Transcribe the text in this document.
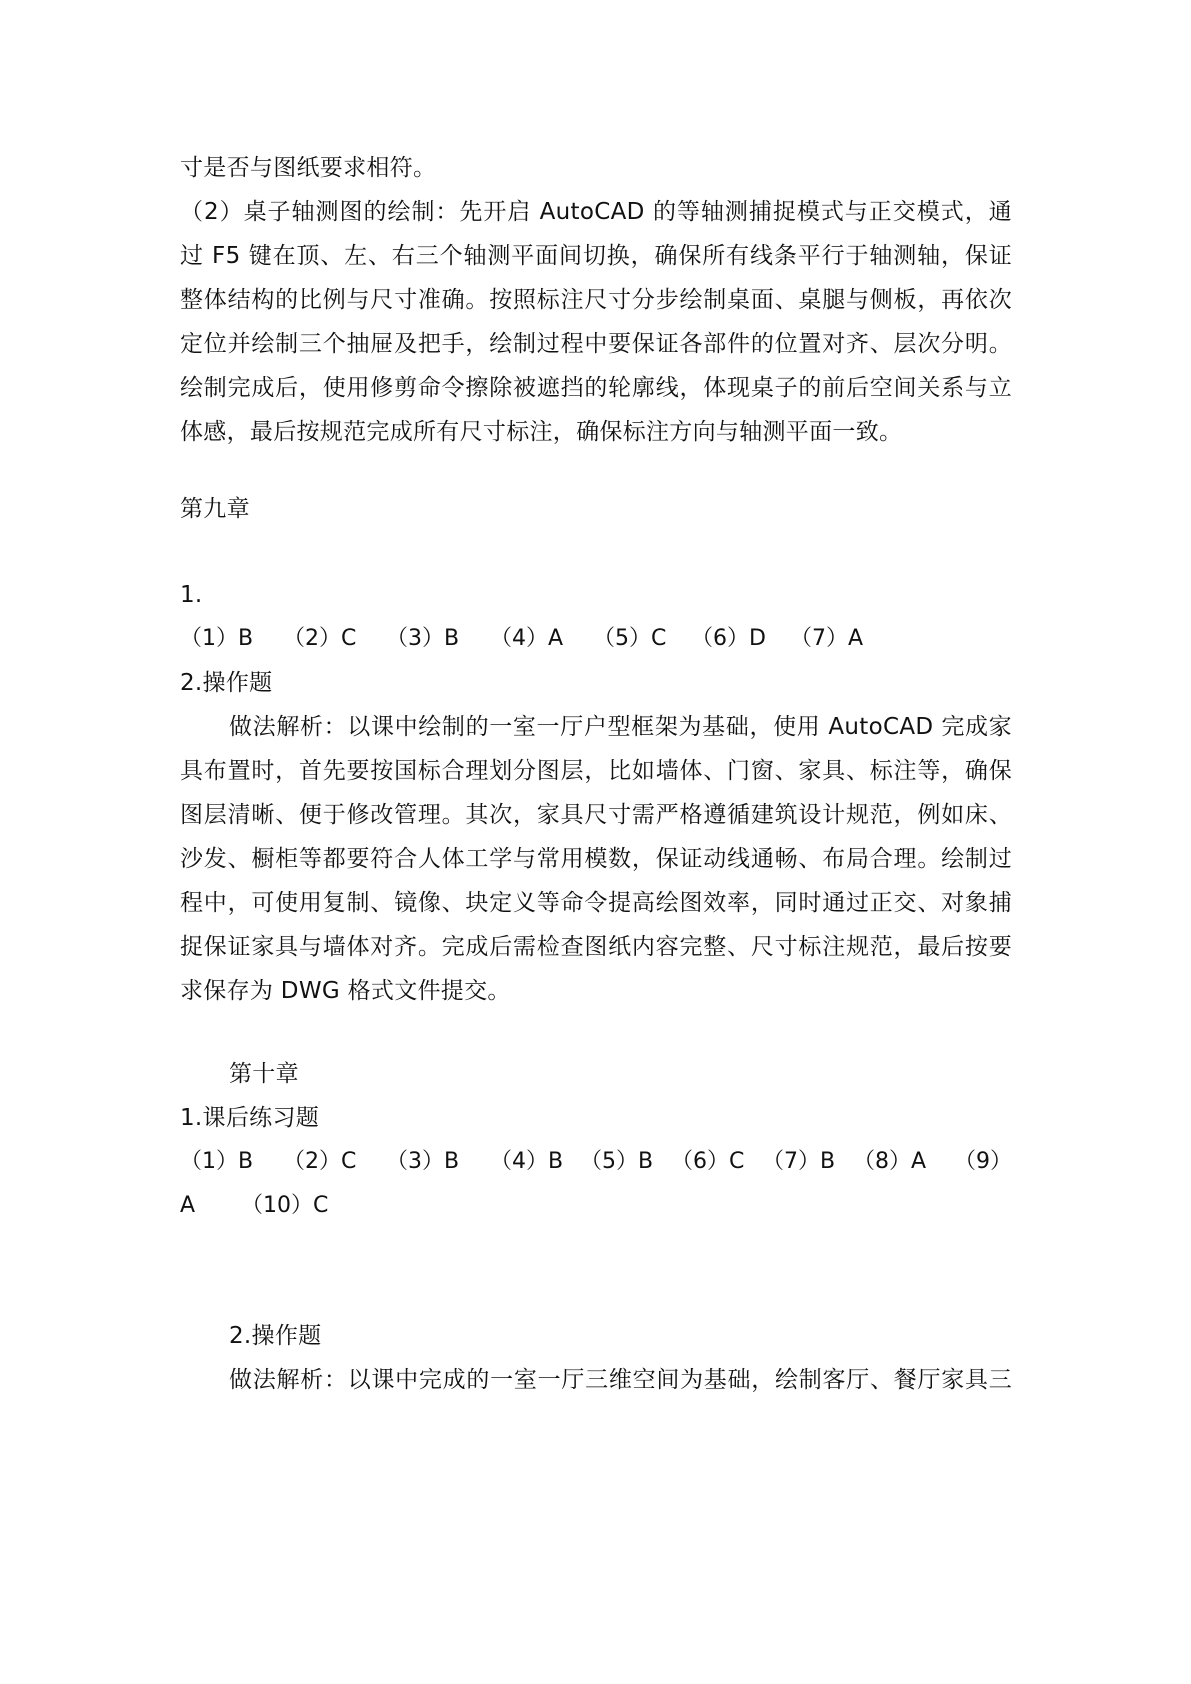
寸是否与图纸要求相符。
（2）桌子轴测图的绘制：先开启 AutoCAD 的等轴测捕捉模式与正交模式，通
过 F5 键在顶、左、右三个轴测平面间切换，确保所有线条平行于轴测轴，保证
整体结构的比例与尺寸准确。按照标注尺寸分步绘制桌面、桌腿与侧板，再依次
定位并绘制三个抽屉及把手，绘制过程中要保证各部件的位置对齐、层次分明。
绘制完成后，使用修剪命令擦除被遮挡的轮廓线，体现桌子的前后空间关系与立
体感，最后按规范完成所有尺寸标注，确保标注方向与轴测平面一致。
第九章
1.
（1）B （2）C （3）B （4）A （5）C （6）D （7）A
2.操作题
做法解析：以课中绘制的一室一厅户型框架为基础，使用 AutoCAD 完成家
具布置时，首先要按国标合理划分图层，比如墙体、门窗、家具、标注等，确保
图层清晰、便于修改管理。其次，家具尺寸需严格遵循建筑设计规范，例如床、
沙发、橱柜等都要符合人体工学与常用模数，保证动线通畅、布局合理。绘制过
程中，可使用复制、镜像、块定义等命令提高绘图效率，同时通过正交、对象捕
捉保证家具与墙体对齐。完成后需检查图纸内容完整、尺寸标注规范，最后按要
求保存为 DWG 格式文件提交。
第十章
1.课后练习题
（1）B （2）C （3）B （4）B （5）B （6）C （7）B （8）A （9）
A （10）C
2.操作题
做法解析：以课中完成的一室一厅三维空间为基础，绘制客厅、餐厅家具三
